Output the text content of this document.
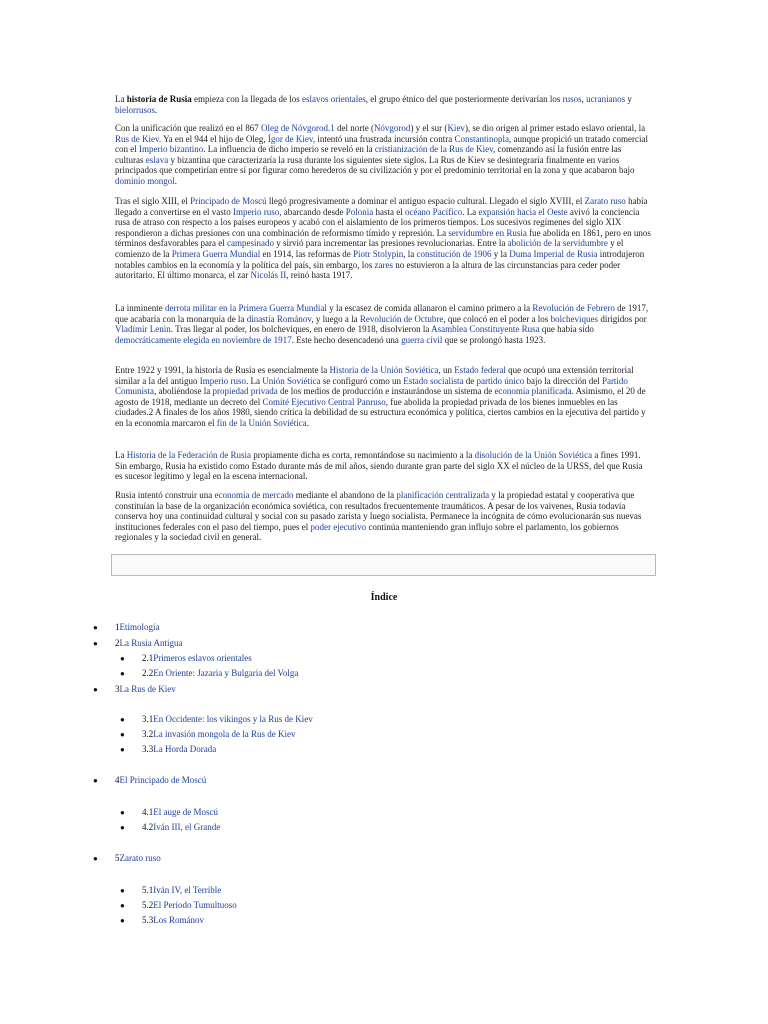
La historia de Rusia empieza con la llegada de los eslavos orientales, el grupo étnico del que posteriormente derivarían los rusos, ucranianos y bielorrusos.

Con la unificación que realizó en el 867 Oleg de Nóvgorod.1 del norte (Nóvgorod) y el sur (Kiev), se dio origen al primer estado eslavo oriental, la Rus de Kiev. Ya en el 944 el hijo de Oleg, Ígor de Kiev, intentó una frustrada incursión contra Constantinopla, aunque propició un tratado comercial con el Imperio bizantino. La influencia de dicho imperio se reveló en la cristianización de la Rus de Kiev, comenzando así la fusión entre las culturas eslava y bizantina que caracterizaría la rusa durante los siguientes siete siglos. La Rus de Kiev se desintegraría finalmente en varios principados que competirían entre sí por figurar como herederos de su civilización y por el predominio territorial en la zona y que acabaron bajo dominio mongol.

Tras el siglo XIII, el Principado de Moscú llegó progresivamente a dominar el antiguo espacio cultural. Llegado el siglo XVIII, el Zarato ruso había llegado a convertirse en el vasto Imperio ruso, abarcando desde Polonia hasta el océano Pacífico. La expansión hacia el Oeste avivó la conciencia rusa de atraso con respecto a los países europeos y acabó con el aislamiento de los primeros tiempos. Los sucesivos regímenes del siglo XIX respondieron a dichas presiones con una combinación de reformismo tímido y represión. La servidumbre en Rusia fue abolida en 1861, pero en unos términos desfavorables para el campesinado y sirvió para incrementar las presiones revolucionarias. Entre la abolición de la servidumbre y el comienzo de la Primera Guerra Mundial en 1914, las reformas de Piotr Stolypin, la constitución de 1906 y la Duma Imperial de Rusia introdujeron notables cambios en la economía y la política del país, sin embargo, los zares no estuvieron a la altura de las circunstancias para ceder poder autoritario. El último monarca, el zar Nicolás II, reinó hasta 1917.

La inminente derrota militar en la Primera Guerra Mundial y la escasez de comida allanaron el camino primero a la Revolución de Febrero de 1917, que acabaría con la monarquía de la dinastía Románov, y luego a la Revolución de Octubre, que colocó en el poder a los bolcheviques dirigidos por Vladímir Lenin. Tras llegar al poder, los bolcheviques, en enero de 1918, disolvieron la Asamblea Constituyente Rusa que había sido democráticamente elegida en noviembre de 1917. Este hecho desencadenó una guerra civil que se prolongó hasta 1923.

Entre 1922 y 1991, la historia de Rusia es esencialmente la Historia de la Unión Soviética, un Estado federal que ocupó una extensión territorial similar a la del antiguo Imperio ruso. La Unión Soviética se configuró como un Estado socialista de partido único bajo la dirección del Partido Comunista, aboliéndose la propiedad privada de los medios de producción e instaurándose un sistema de economía planificada. Asimismo, el 20 de agosto de 1918, mediante un decreto del Comité Ejecutivo Central Panruso, fue abolida la propiedad privada de los bienes inmuebles en las ciudades.2 A finales de los años 1980, siendo crítica la debilidad de su estructura económica y política, ciertos cambios en la ejecutiva del partido y en la economía marcaron el fin de la Unión Soviética.

La Historia de la Federación de Rusia propiamente dicha es corta, remontándose su nacimiento a la disolución de la Unión Soviética a fines 1991. Sin embargo, Rusia ha existido como Estado durante más de mil años, siendo durante gran parte del siglo XX el núcleo de la URSS, del que Rusia es sucesor legítimo y legal en la escena internacional.

Rusia intentó construir una economía de mercado mediante el abandono de la planificación centralizada y la propiedad estatal y cooperativa que constituían la base de la organización económica soviética, con resultados frecuentemente traumáticos. A pesar de los vaivenes, Rusia todavía conserva hoy una continuidad cultural y social con su pasado zarista y luego socialista. Permanece la incógnita de cómo evolucionarán sus nuevas instituciones federales con el paso del tiempo, pues el poder ejecutivo continúa manteniendo gran influjo sobre el parlamento, los gobiernos regionales y la sociedad civil en general.

Índice
● 1Etimología
● 2La Rusia Antigua
● 2.1Primeros eslavos orientales
● 2.2En Oriente: Jazaria y Bulgaria del Volga
● 3La Rus de Kiev
● 3.1En Occidente: los vikingos y la Rus de Kiev
● 3.2La invasión mongola de la Rus de Kiev
● 3.3La Horda Dorada
● 4El Principado de Moscú
● 4.1El auge de Moscú
● 4.2Iván III, el Grande
● 5Zarato ruso
● 5.1Iván IV, el Terrible
● 5.2El Período Tumultuoso
● 5.3Los Románov
